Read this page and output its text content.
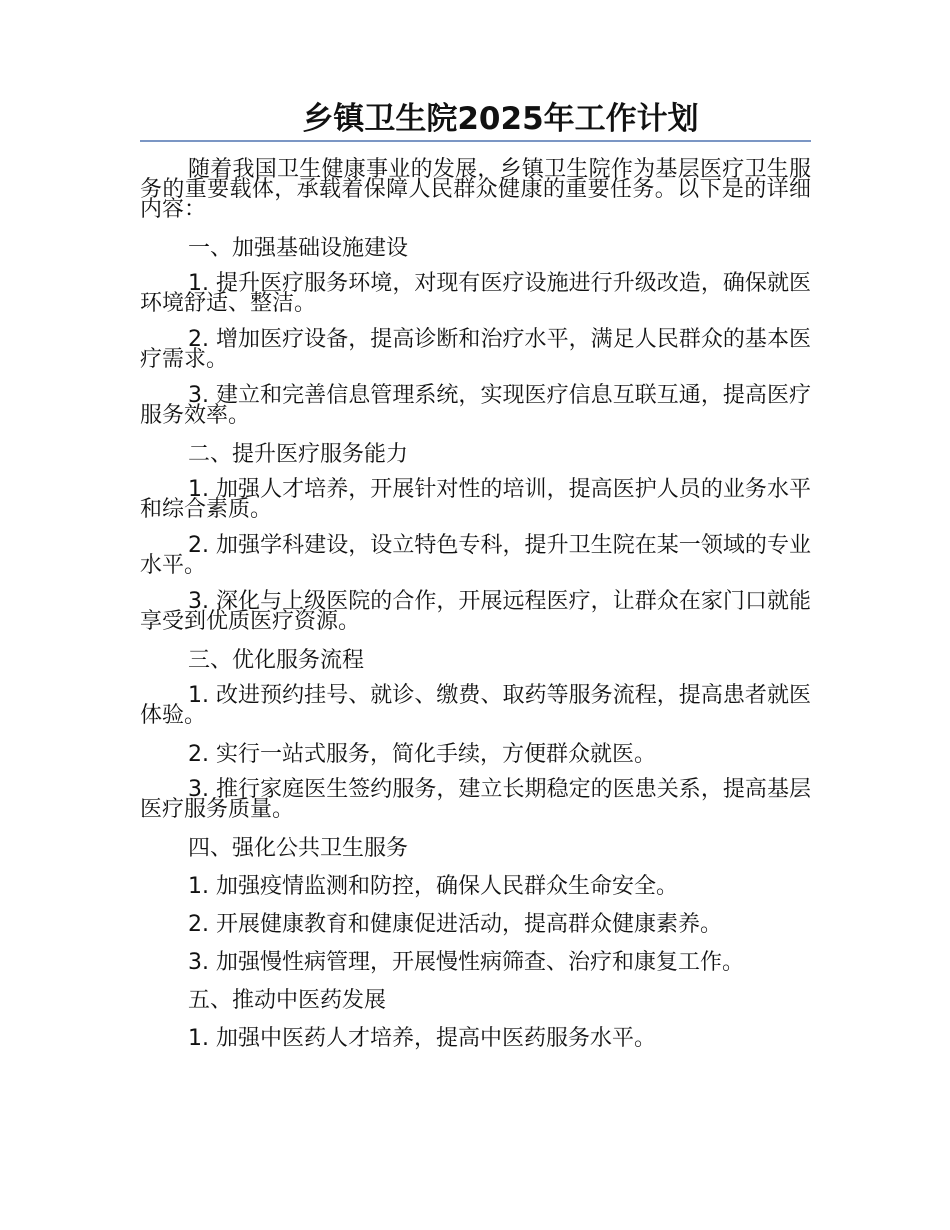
乡镇卫生院2025年工作计划

随着我国卫生健康事业的发展，乡镇卫生院作为基层医疗卫生服务的重要载体，承载着保障人民群众健康的重要任务。以下是的详细内容：

一、加强基础设施建设

1. 提升医疗服务环境，对现有医疗设施进行升级改造，确保就医环境舒适、整洁。

2. 增加医疗设备，提高诊断和治疗水平，满足人民群众的基本医疗需求。

3. 建立和完善信息管理系统，实现医疗信息互联互通，提高医疗服务效率。

二、提升医疗服务能力

1. 加强人才培养，开展针对性的培训，提高医护人员的业务水平和综合素质。

2. 加强学科建设，设立特色专科，提升卫生院在某一领域的专业水平。

3. 深化与上级医院的合作，开展远程医疗，让群众在家门口就能享受到优质医疗资源。

三、优化服务流程

1. 改进预约挂号、就诊、缴费、取药等服务流程，提高患者就医体验。

2. 实行一站式服务，简化手续，方便群众就医。

3. 推行家庭医生签约服务，建立长期稳定的医患关系，提高基层医疗服务质量。

四、强化公共卫生服务

1. 加强疫情监测和防控，确保人民群众生命安全。

2. 开展健康教育和健康促进活动，提高群众健康素养。

3. 加强慢性病管理，开展慢性病筛查、治疗和康复工作。

五、推动中医药发展

1. 加强中医药人才培养，提高中医药服务水平。
